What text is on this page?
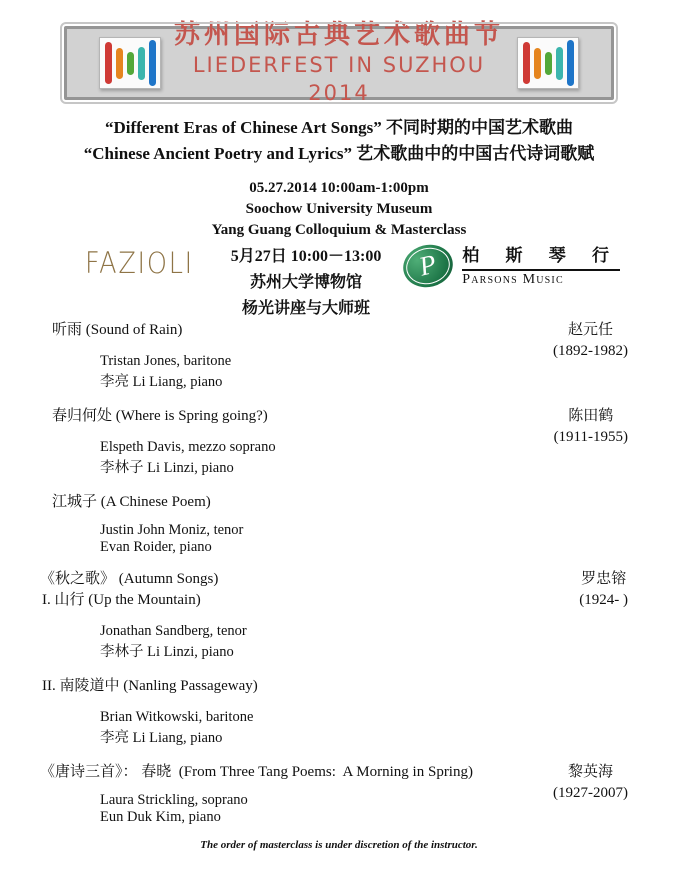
苏州国际古典艺术歌曲节
LIEDERFEST IN SUZHOU 2014
“Different Eras of Chinese Art Songs” 不同时期的中国艺术歌曲
“Chinese Ancient Poetry and Lyrics” 艺术歌曲中的中国古代诗词歌赋
05.27.2014 10:00am-1:00pm
Soochow University Museum
Yang Guang Colloquium & Masterclass
FAZIOLI	5月27日 10:00－13:00
苏州大学博物馆
杨光讲座与大师班
P 柏 斯 琴 行
Parsons Music
听雨 (Sound of Rain)	赵元任
(1892-1982)
Tristan Jones, baritone
李亮 Li Liang, piano
春归何处 (Where is Spring going?)	陈田鹤
(1911-1955)
Elspeth Davis, mezzo soprano
李林子 Li Linzi, piano
江城子 (A Chinese Poem)
Justin John Moniz, tenor
Evan Roider, piano
《秋之歌》 (Autumn Songs)
I. 山行 (Up the Mountain)
罗忠镕
(1924- )
Jonathan Sandberg, tenor
李林子 Li Linzi, piano
II. 南陵道中 (Nanling Passageway)
Brian Witkowski, baritone
李亮 Li Liang, piano
《唐诗三首》： 春晓  (From Three Tang Poems:  A Morning in Spring)	黎英海
(1927-2007)
Laura Strickling, soprano
Eun Duk Kim, piano
The order of masterclass is under discretion of the instructor.
